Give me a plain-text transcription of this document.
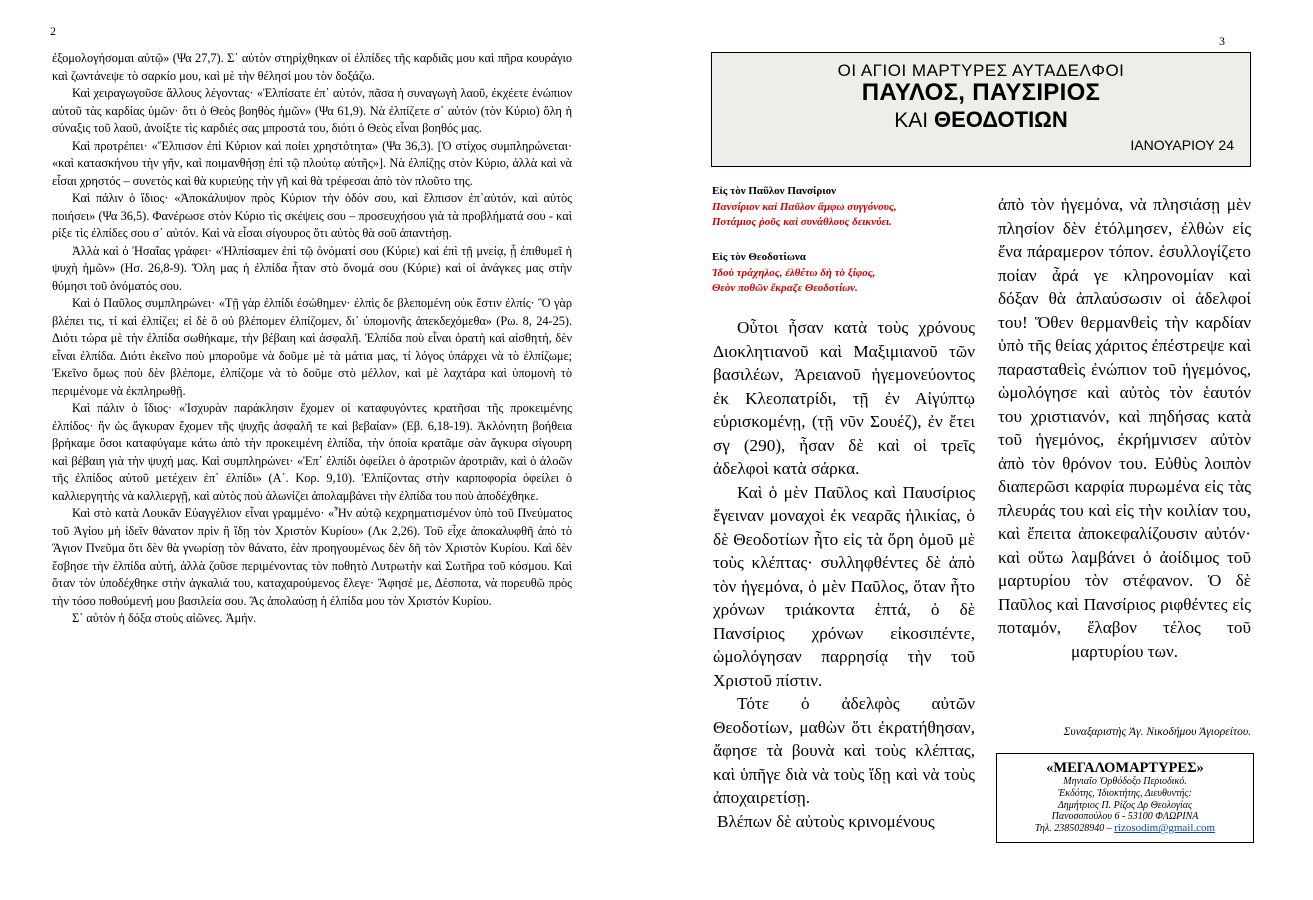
2

ἐξομολογήσομαι αὐτῷ» (Ψα 27,7). Σ᾽ αὐτὸν στηρίχθηκαν οἱ ἐλπίδες τῆς καρδιᾶς μου καὶ πῆρα κουράγιο καὶ ζωντάνεψε τὸ σαρκίο μου, καὶ μὲ τὴν θέλησί μου τὸν δοξάζω.

Καὶ χειραγωγοῦσε ἄλλους λέγοντας· «Ἐλπίσατε ἐπ᾽ αὐτόν, πᾶσα ἡ συναγωγὴ λαοῦ, ἐκχέετε ἐνώπιον αὐτοῦ τὰς καρδίας ὑμῶν· ὅτι ὁ Θεὸς βοηθὸς ἡμῶν» (Ψα 61,9). Νὰ ἐλπίζετε σ᾽ αὐτόν (τὸν Κύριο) ὅλη ἡ σύναξις τοῦ λαοῦ, ἀνοίξτε τὶς καρδιές σας μπροστά του, διότι ὁ Θεὸς εἶναι βοηθός μας.

Καὶ προτρέπει· «Ἔλπισον ἐπὶ Κύριον καὶ ποίει χρηστότητα» (Ψα 36,3). [Ὁ στίχος συμπληρώνεται· «καὶ κατασκήνου τὴν γῆν, καὶ ποιμανθήσῃ ἐπὶ τῷ πλούτῳ αὐτῆς»]. Νὰ ἐλπίζῃς στὸν Κύριο, ἀλλὰ καὶ νὰ εἶσαι χρηστός – συνετὸς καὶ θὰ κυριεύῃς τὴν γῆ καὶ θὰ τρέφεσαι ἀπὸ τὸν πλοῦτο της.

Καὶ πάλιν ὁ ἴδιος· «Ἀποκάλυψον πρὸς Κύριον τὴν ὁδόν σου, καὶ ἔλπισον ἐπ᾽αὐτόν, καὶ αὐτὸς ποιήσει» (Ψα 36,5). Φανέρωσε στὸν Κύριο τὶς σκέψεις σου – προσευχήσου γιὰ τὰ προβλήματά σου - καὶ ρίξε τὶς ἐλπίδες σου σ᾽ αὐτόν. Καὶ νὰ εἶσαι σίγουρος ὅτι αὐτὸς θὰ σοῦ ἀπαντήσῃ.

Ἀλλὰ καὶ ὁ Ἠσαΐας γράφει· «Ἠλπίσαμεν ἐπὶ τῷ ὀνόματί σου (Κύριε) καὶ ἐπὶ τῇ μνείᾳ, ᾗ ἐπιθυμεῖ ἡ ψυχὴ ἡμῶν» (Ησ. 26,8-9). Ὅλη μας ἡ ἐλπίδα ἦταν στὸ ὄνομά σου (Κύριε) καὶ οἱ ἀνάγκες μας στὴν θύμησι τοῦ ὀνόματός σου.

Καὶ ὁ Παῦλος συμπληρώνει· «Τῇ γὰρ ἐλπίδι ἐσώθημεν· ἐλπὶς δε βλεπομένη οὐκ ἔστιν ἐλπίς· Ὃ γὰρ βλέπει τις, τί καὶ ἐλπίζει; εἰ δὲ ὃ οὐ βλέπομεν ἐλπίζομεν, δι᾽ ὑπομονῆς ἀπεκδεχόμεθα» (Ρω. 8, 24-25). Διότι τώρα μὲ τὴν ἐλπίδα σωθήκαμε, τὴν βέβαιη καὶ ἀσφαλῆ. Ἐλπίδα ποὺ εἶναι ὁρατὴ καὶ αἰσθητή, δὲν εἶναι ἐλπίδα. Διότι ἐκεῖνο ποὺ μποροῦμε νὰ δοῦμε μὲ τὰ μάτια μας, τί λόγος ὑπάρχει νὰ τὸ ἐλπίζωμε; Ἐκεῖνο ὅμως ποὺ δὲν βλέπομε, ἐλπίζομε νὰ τὸ δοῦμε στὸ μέλλον, καὶ μὲ λαχτάρα καὶ ὑπομονὴ τὸ περιμένομε νὰ ἐκπληρωθῇ.

Καὶ πάλιν ὁ ἴδιος· «Ἰσχυρὰν παράκλησιν ἔχομεν οἱ καταφυγόντες κρατῆσαι τῆς προκειμένης ἐλπίδος· ἣν ὡς ἄγκυραν ἔχομεν τῆς ψυχῆς ἀσφαλῆ τε καὶ βεβαίαν» (Εβ. 6,18-19). Ἀκλόνητη βοήθεια βρήκαμε ὅσοι καταφύγαμε κάτω ἀπὸ τὴν προκειμένη ἐλπίδα, τὴν ὁποία κρατᾶμε σὰν ἄγκυρα σίγουρη καὶ βέβαιη γιὰ τὴν ψυχή μας. Καὶ συμπληρώνει· «Ἐπ᾽ ἐλπίδι ὀφείλει ὁ ἀροτριῶν ἀροτριᾶν, καὶ ὁ ἀλοῶν τῆς ἐλπίδος αὐτοῦ μετέχειν ἐπ᾽ ἐλπίδι» (Α΄. Κορ. 9,10). Ἐλπίζοντας στὴν καρποφορία ὀφείλει ὁ καλλιεργητὴς νὰ καλλιεργῇ, καὶ αὐτὸς ποὺ ἁλωνίζει ἀπολαμβάνει τὴν ἐλπίδα του ποὺ ἀποδέχθηκε.

Καὶ στὸ κατὰ Λουκᾶν Εὐαγγέλιον εἶναι γραμμένο· «Ἦν αὐτῷ κεχρηματισμένον ὑπὸ τοῦ Πνεύματος τοῦ Ἁγίου μὴ ἰδεῖν θάνατον πρὶν ἢ ἴδῃ τὸν Χριστὸν Κυρίου» (Λκ 2,26). Τοῦ εἶχε ἀποκαλυφθῆ ἀπὸ τὸ Ἅγιον Πνεῦμα ὅτι δὲν θὰ γνωρίσῃ τὸν θάνατο, ἐὰν προηγουμένως δὲν δῆ τὸν Χριστὸν Κυρίου. Καὶ δὲν ἔσβησε τὴν ἐλπίδα αὐτή, ἀλλὰ ζοῦσε περιμένοντας τὸν ποθητὸ Λυτρωτὴν καὶ Σωτῆρα τοῦ κόσμου. Καὶ ὅταν τὸν ὑποδέχθηκε στὴν ἀγκαλιά του, καταχαρούμενος ἔλεγε· Ἄφησέ με, Δέσποτα, νὰ πορευθῶ πρὸς τὴν τόσο ποθούμενή μου βασιλεία σου. Ἂς ἀπολαύσῃ ἡ ἐλπίδα μου τὸν Χριστόν Κυρίου.

Σ᾽ αὐτὸν ἡ δόξα στοὺς αἰῶνες. Ἀμήν.

3
ΟΙ ΑΓΙΟΙ ΜΑΡΤΥΡΕΣ ΑΥΤΑΔΕΛΦΟΙ
ΠΑΥΛΟΣ, ΠΑΥΣΙΡΙΟΣ
ΚΑΙ ΘΕΟΔΟΤΙΩΝ
ΙΑΝΟΥΑΡΙΟΥ 24
Εἰς τὸν Παῦλον Πανσίριον
Πανσίριον καὶ Παῦλον ἅμφω συγγόνους,
Ποτάμιος ῥοῦς καὶ συνάθλους δεικνύει.
Εἰς τὸν Θεοδοτίωνα
Ἰδοὺ τράχηλος, ἐλθέτω δὴ τὸ ξίφος,
Θεὸν ποθῶν ἔκραζε Θεοδοτίων.

Οὗτοι ἦσαν κατὰ τοὺς χρόνους Διοκλητιανοῦ καὶ Μαξιμιανοῦ τῶν βασιλέων, Ἀρειανοῦ ἡγεμονεύοντος ἐκ Κλεοπατρίδι, τῇ ἐν Αἰγύπτῳ εὑρισκομένῃ, (τῇ νῦν Σουέζ), ἐν ἔτει σγ (290), ἦσαν δὲ καὶ οἱ τρεῖς ἀδελφοὶ κατὰ σάρκα.

Καὶ ὁ μὲν Παῦλος καὶ Παυσίριος ἔγειναν μοναχοὶ ἐκ νεαρᾶς ἡλικίας, ὁ δὲ Θεοδοτίων ἦτο εἰς τὰ ὄρη ὁμοῦ μὲ τοὺς κλέπτας· συλληφθέντες δὲ ἀπὸ τὸν ἡγεμόνα, ὁ μὲν Παῦλος, ὅταν ἦτο χρόνων τριάκοντα ἑπτά, ὁ δὲ Πανσίριος χρόνων εἰκοσιπέντε, ὡμολόγησαν παρρησίᾳ τὴν τοῦ Χριστοῦ πίστιν.

Τότε ὁ ἀδελφὸς αὐτῶν Θεοδοτίων, μαθὼν ὅτι ἐκρατήθησαν, ἄφησε τὰ βουνὰ καὶ τοὺς κλέπτας, καὶ ὑπῆγε διὰ νὰ τοὺς ἴδῃ καὶ νὰ τοὺς ἀποχαιρετίσῃ.

Βλέπων δὲ αὐτοὺς κρινομένους

ἀπὸ τὸν ἡγεμόνα, νὰ πλησιάσῃ μὲν πλησίον δὲν ἐτόλμησεν, ἐλθὼν εἰς ἕνα πάραμερον τόπον. ἐσυλλογίζετο ποίαν ἆρά γε κληρονομίαν καὶ δόξαν θὰ ἀπλαύσωσιν οἱ ἀδελφοί του! Ὅθεν θερμανθεὶς τὴν καρδίαν ὑπὸ τῆς θείας χάριτος ἐπέστρεψε καὶ παρασταθεὶς ἐνώπιον τοῦ ἡγεμόνος, ὡμολόγησε καὶ αὐτὸς τὸν ἑαυτόν του χριστιανόν, καὶ πηδήσας κατὰ τοῦ ἡγεμόνος, ἐκρήμνισεν αὐτὸν ἀπὸ τὸν θρόνον του. Εὐθὺς λοιπὸν διαπερῶσι καρφία πυρωμένα εἰς τὰς πλευράς του καὶ εἰς τὴν κοιλίαν του, καὶ ἔπειτα ἀποκεφαλίζουσιν αὐτόν· καὶ οὕτω λαμβάνει ὁ ἀοίδιμος τοῦ μαρτυρίου τὸν στέφανον. Ὁ δὲ Παῦλος καὶ Πανσίριος ριφθέντες εἰς ποταμόν, ἔλαβον τέλος τοῦ μαρτυρίου των.

Συναξαριστὴς Ἁγ. Νικοδήμου Ἁγιορείτου.
«ΜΕΓΑΛΟΜΑΡΤΥΡΕΣ»
Μηνιαῖο Ὀρθόδοξο Περιοδικό.
Ἐκδότης, Ἰδιοκτήτης, Διευθυντής:
Δημήτριος Π. Ρίζος Δρ Θεολογίας
Πανοσοπούλου 6 - 53100 ΦΛΩΡΙΝΑ
Τηλ. 2385028940 – rizosodim@gmail.com
